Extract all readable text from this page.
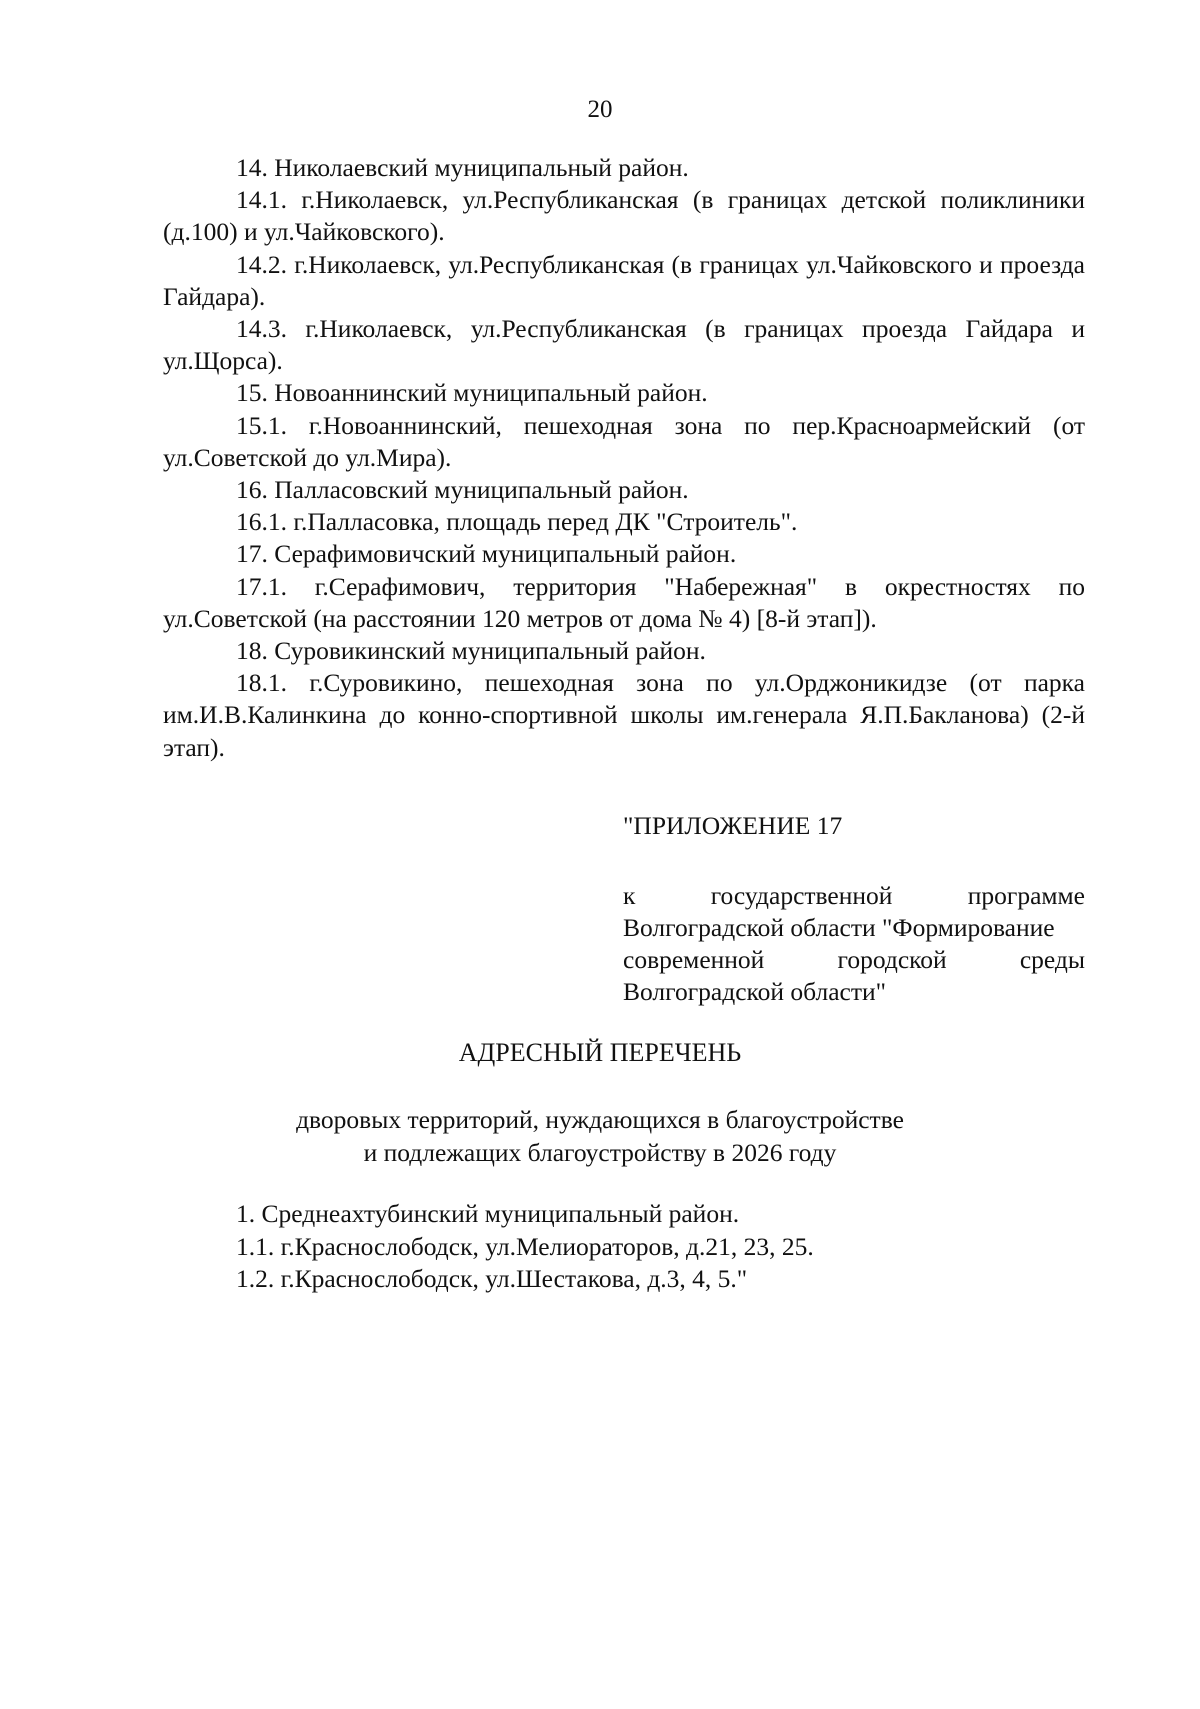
20

14. Николаевский муниципальный район.

14.1. г.Николаевск, ул.Республиканская (в границах детской поликлиники (д.100) и ул.Чайковского).

14.2. г.Николаевск, ул.Республиканская (в границах ул.Чайковского и проезда Гайдара).

14.3. г.Николаевск, ул.Республиканская (в границах проезда Гайдара и ул.Щорса).

15. Новоаннинский муниципальный район.

15.1. г.Новоаннинский, пешеходная зона по пер.Красноармейский (от ул.Советской до ул.Мира).

16. Палласовский муниципальный район.

16.1. г.Палласовка, площадь перед ДК "Строитель".

17. Серафимовичский муниципальный район.

17.1. г.Серафимович, территория "Набережная" в окрестностях по ул.Советской (на расстоянии 120 метров от дома № 4) [8-й этап]).

18. Суровикинский муниципальный район.

18.1. г.Суровикино, пешеходная зона по ул.Орджоникидзе (от парка им.И.В.Калинкина до конно-спортивной школы им.генерала Я.П.Бакланова) (2-й этап).

"ПРИЛОЖЕНИЕ 17
к	государственной	программе
Волгоградской области "Формирование
современной	городской	среды
Волгоградской области"
АДРЕСНЫЙ ПЕРЕЧЕНЬ
дворовых территорий, нуждающихся в благоустройстве
и подлежащих благоустройству в 2026 году
1. Среднеахтубинский муниципальный район.
1.1. г.Краснослободск, ул.Мелиораторов, д.21, 23, 25.
1.2. г.Краснослободск, ул.Шестакова, д.3, 4, 5."
